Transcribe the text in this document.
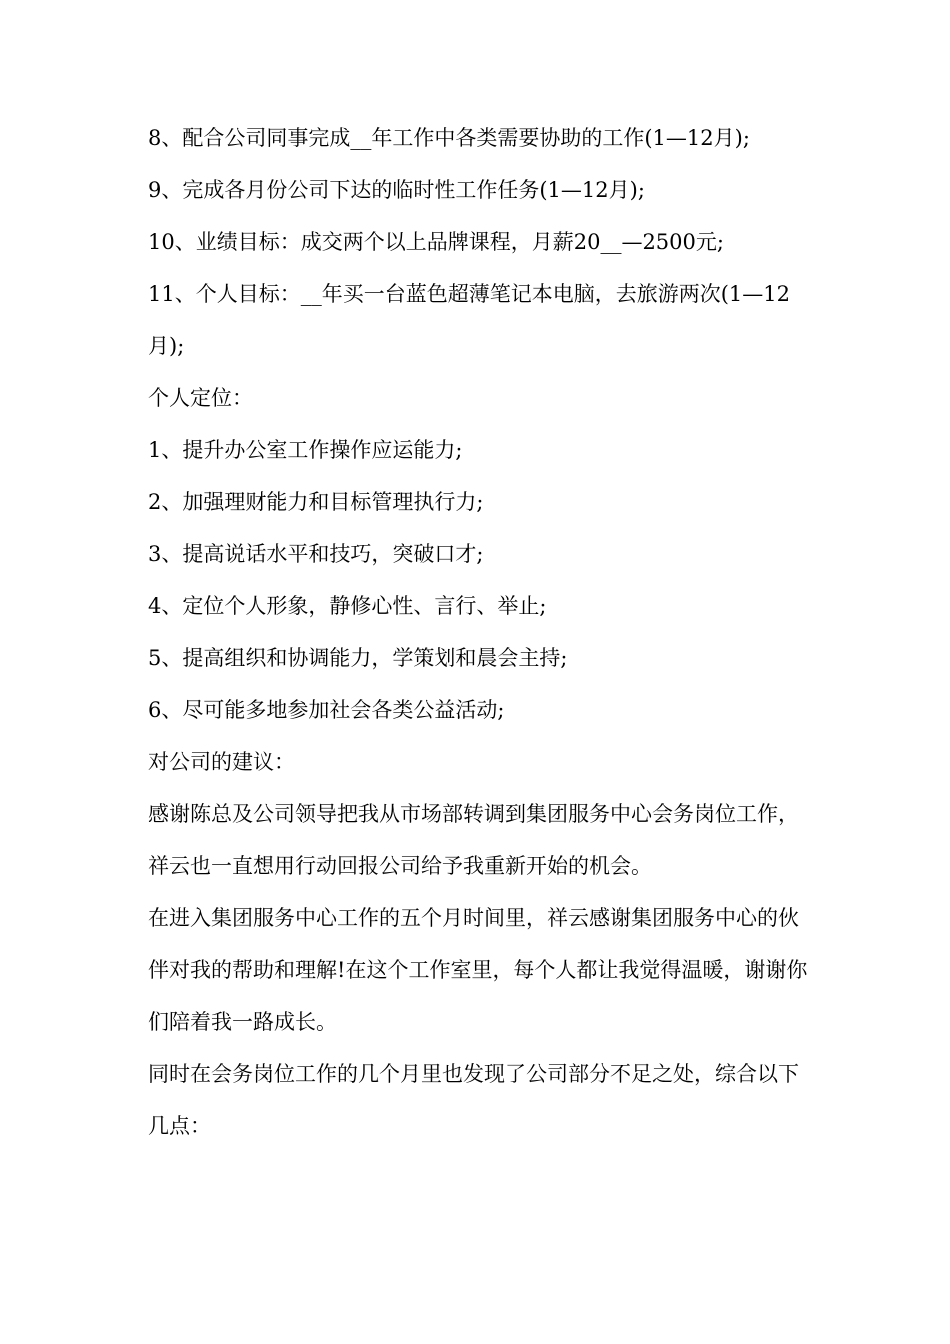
8、配合公司同事完成__年工作中各类需要协助的工作(1—12月);

9、完成各月份公司下达的临时性工作任务(1—12月);

10、业绩目标：成交两个以上品牌课程，月薪20__—2500元;

11、个人目标：__年买一台蓝色超薄笔记本电脑，去旅游两次(1—12月);

个人定位：

1、提升办公室工作操作应运能力;

2、加强理财能力和目标管理执行力;

3、提高说话水平和技巧，突破口才;

4、定位个人形象，静修心性、言行、举止;

5、提高组织和协调能力，学策划和晨会主持;

6、尽可能多地参加社会各类公益活动;

对公司的建议：

感谢陈总及公司领导把我从市场部转调到集团服务中心会务岗位工作，祥云也一直想用行动回报公司给予我重新开始的机会。

在进入集团服务中心工作的五个月时间里，祥云感谢集团服务中心的伙伴对我的帮助和理解!在这个工作室里，每个人都让我觉得温暖，谢谢你们陪着我一路成长。

同时在会务岗位工作的几个月里也发现了公司部分不足之处，综合以下几点：
